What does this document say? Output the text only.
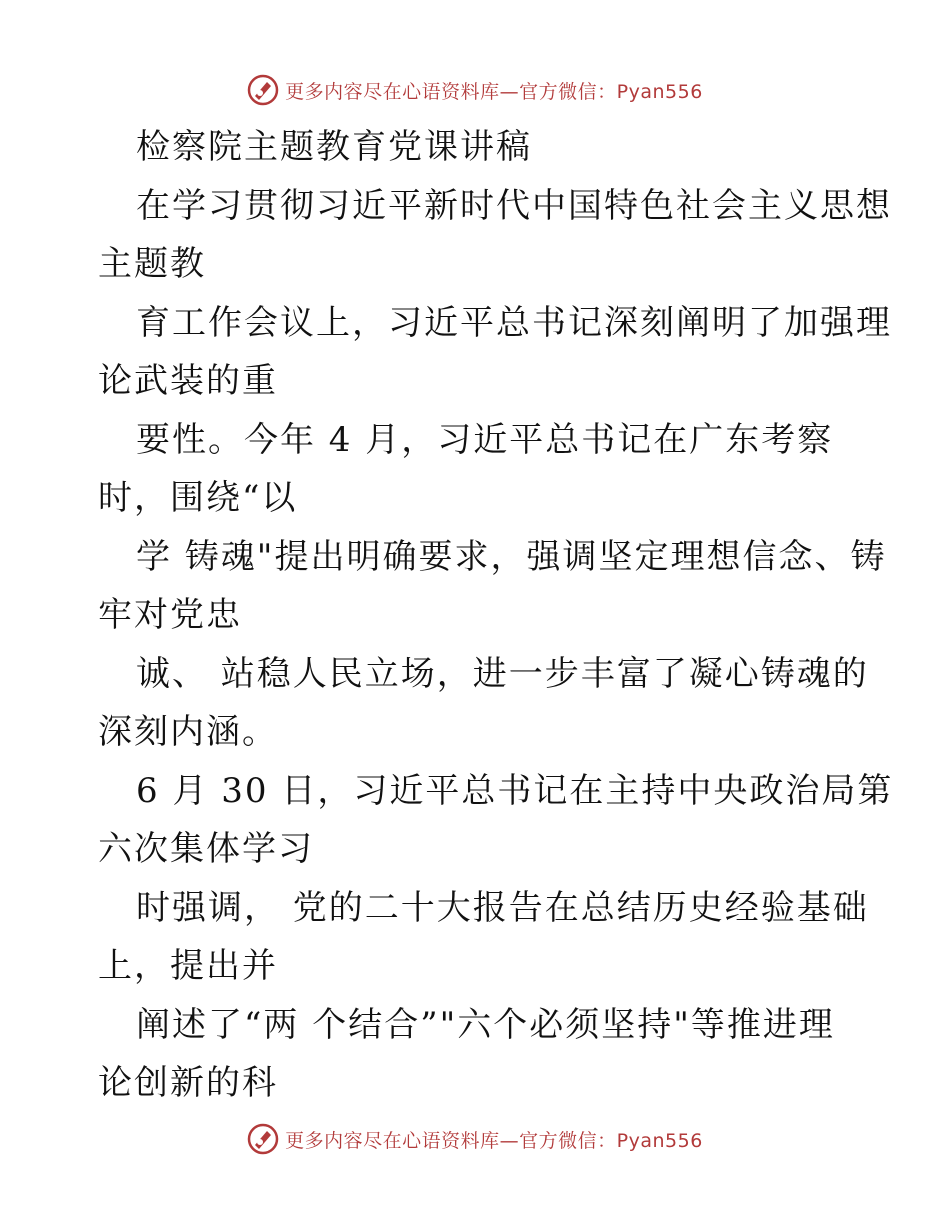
更多内容尽在心语资料库—官方微信：Pyan556
检察院主题教育党课讲稿
在学习贯彻习近平新时代中国特色社会主义思想
主题教
育工作会议上，习近平总书记深刻阐明了加强理
论武装的重
要性。今年 4 月，习近平总书记在广东考察
时，围绕“以
学 铸魂"提出明确要求，强调坚定理想信念、铸
牢对党忠
诚、 站稳人民立场，进一步丰富了凝心铸魂的
深刻内涵。
6 月 30 日，习近平总书记在主持中央政治局第
六次集体学习
时强调， 党的二十大报告在总结历史经验基础
上，提出并
阐述了“两 个结合”"六个必须坚持"等推进理
论创新的科
更多内容尽在心语资料库—官方微信：Pyan556
